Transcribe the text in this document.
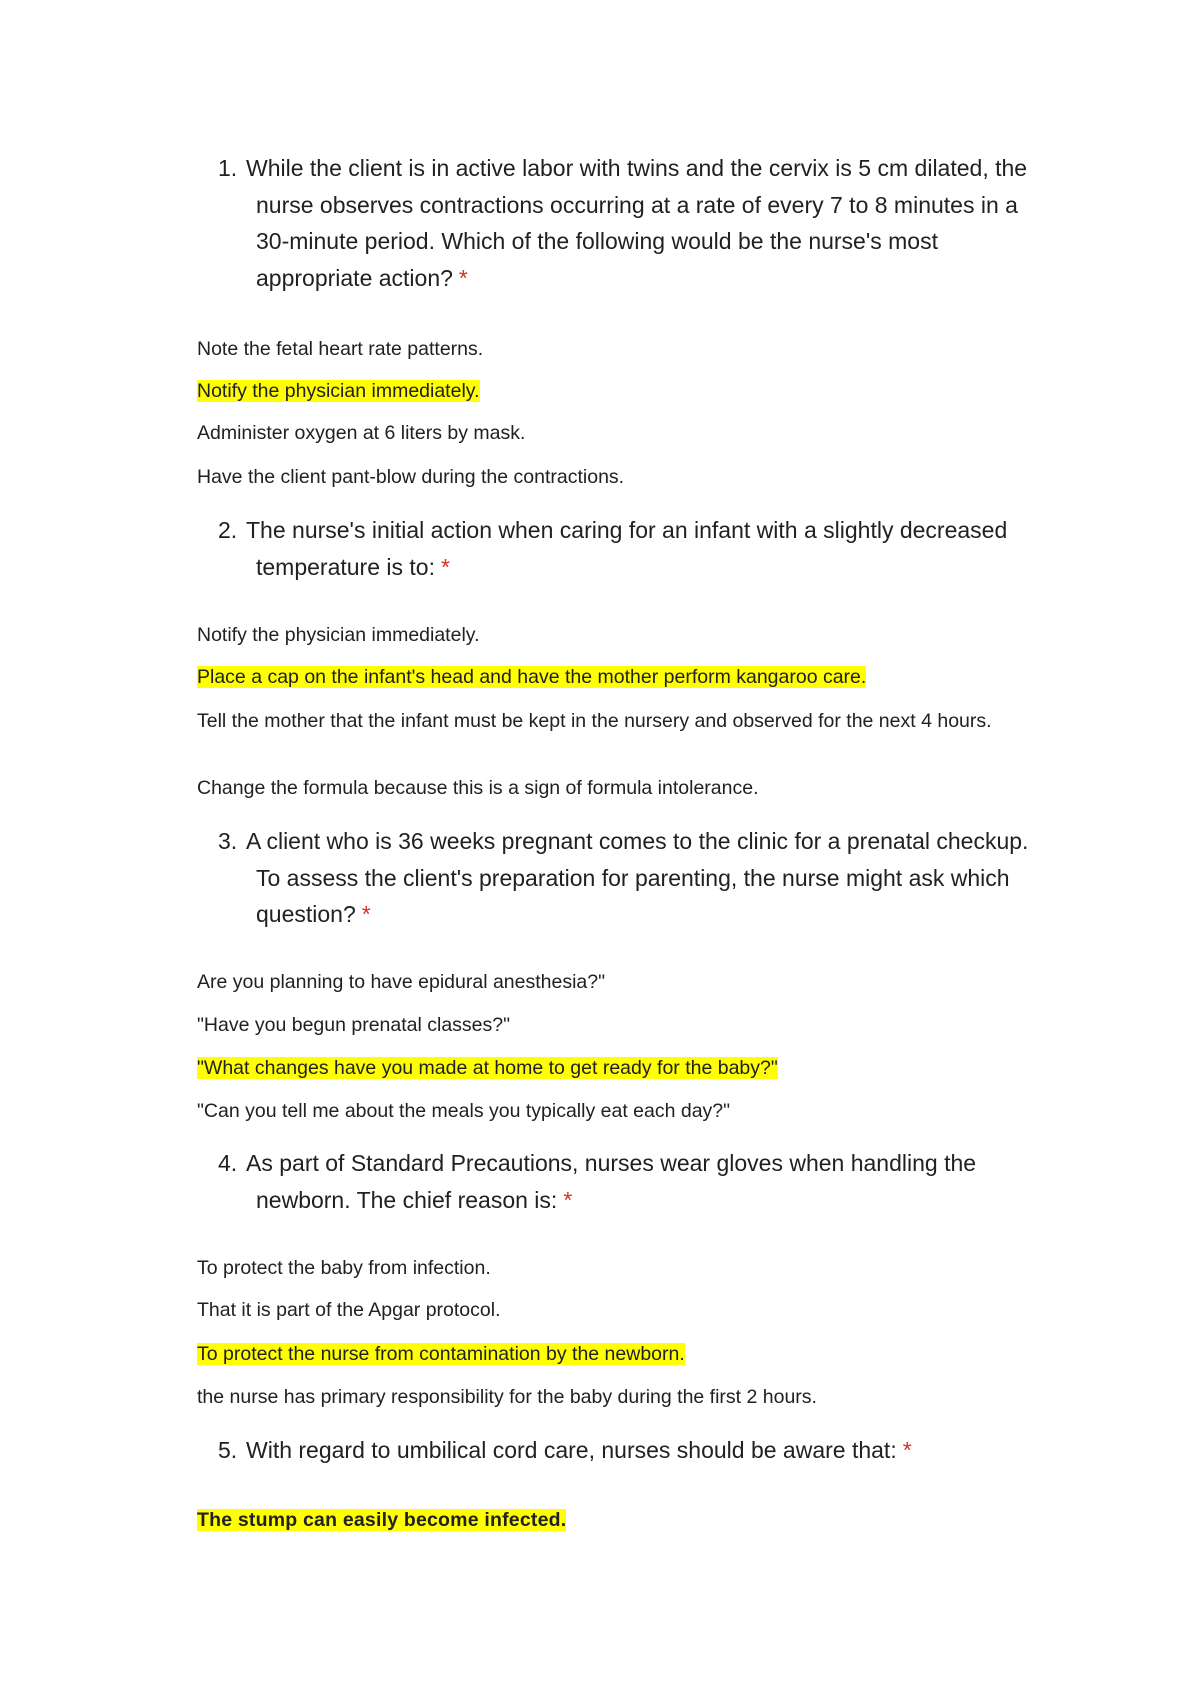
1. While the client is in active labor with twins and the cervix is 5 cm dilated, the nurse observes contractions occurring at a rate of every 7 to 8 minutes in a 30-minute period. Which of the following would be the nurse's most appropriate action? *
Note the fetal heart rate patterns.
Notify the physician immediately.
Administer oxygen at 6 liters by mask.
Have the client pant-blow during the contractions.
2. The nurse's initial action when caring for an infant with a slightly decreased temperature is to: *
Notify the physician immediately.
Place a cap on the infant's head and have the mother perform kangaroo care.
Tell the mother that the infant must be kept in the nursery and observed for the next 4 hours.
Change the formula because this is a sign of formula intolerance.
3. A client who is 36 weeks pregnant comes to the clinic for a prenatal checkup. To assess the client's preparation for parenting, the nurse might ask which question? *
Are you planning to have epidural anesthesia?"
"Have you begun prenatal classes?"
"What changes have you made at home to get ready for the baby?"
"Can you tell me about the meals you typically eat each day?"
4. As part of Standard Precautions, nurses wear gloves when handling the newborn. The chief reason is: *
To protect the baby from infection.
That it is part of the Apgar protocol.
To protect the nurse from contamination by the newborn.
the nurse has primary responsibility for the baby during the first 2 hours.
5. With regard to umbilical cord care, nurses should be aware that: *
The stump can easily become infected.
